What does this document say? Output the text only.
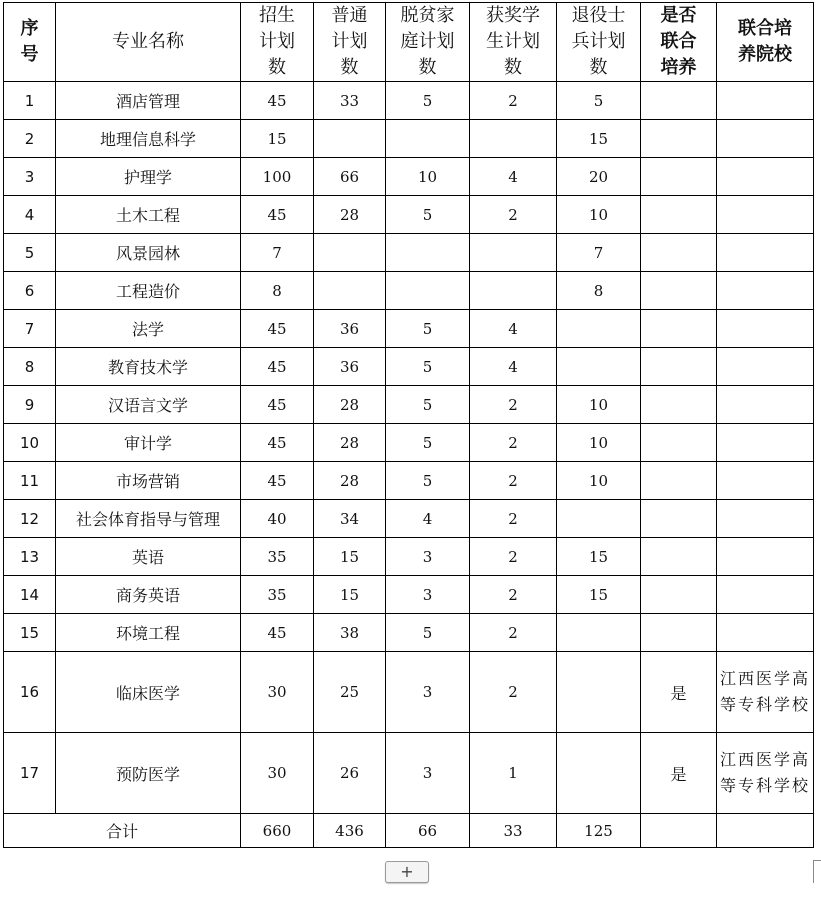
序
号	专业名称	招生
计划
数	普通
计划
数	脱贫家
庭计划
数	获奖学
生计划
数	退役士
兵计划
数	是否
联合
培养	联合培
养院校
1	酒店管理	45	33	5	2	5		
2	地理信息科学	15				15		
3	护理学	100	66	10	4	20		
4	土木工程	45	28	5	2	10		
5	风景园林	7				7		
6	工程造价	8				8		
7	法学	45	36	5	4			
8	教育技术学	45	36	5	4			
9	汉语言文学	45	28	5	2	10		
10	审计学	45	28	5	2	10		
11	市场营销	45	28	5	2	10		
12	社会体育指导与管理	40	34	4	2			
13	英语	35	15	3	2	15		
14	商务英语	35	15	3	2	15		
15	环境工程	45	38	5	2			
16	临床医学	30	25	3	2		是	江西医学高等专科学校
17	预防医学	30	26	3	1		是	江西医学高等专科学校
合计		660	436	66	33	125		
+
